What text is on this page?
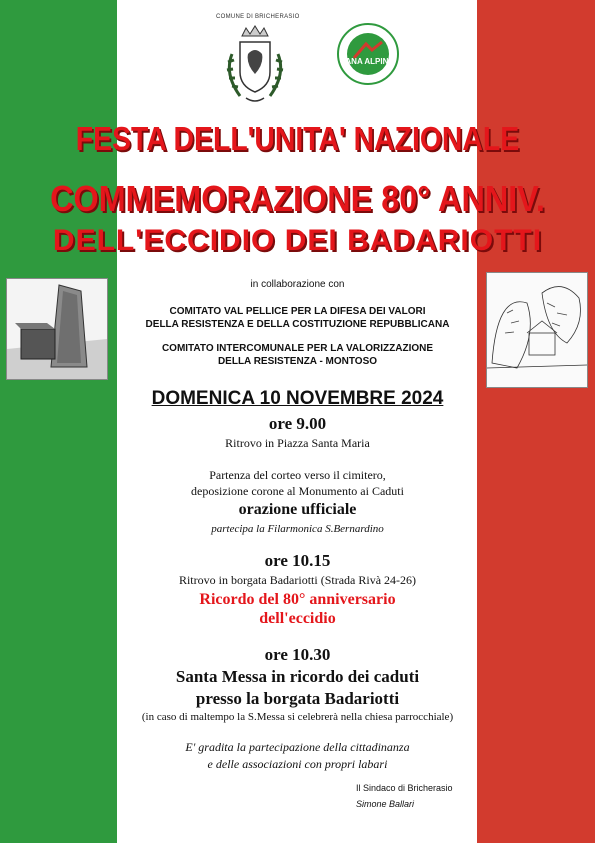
COMUNE DI BRICHERASIO
ANA ALPINI
FESTA DELL'UNITA' NAZIONALE
COMMEMORAZIONE 80° ANNIV.
DELL'ECCIDIO DEI BADARIOTTI
in collaborazione con
COMITATO VAL PELLICE PER LA DIFESA DEI VALORI
DELLA RESISTENZA E DELLA COSTITUZIONE REPUBBLICANA
COMITATO INTERCOMUNALE PER LA VALORIZZAZIONE
DELLA RESISTENZA - MONTOSO
DOMENICA 10 NOVEMBRE 2024
ore 9.00
Ritrovo in Piazza Santa Maria
Partenza del corteo verso il cimitero,
deposizione corone al Monumento ai Caduti
orazione ufficiale
partecipa la Filarmonica S.Bernardino
ore 10.15
Ritrovo in borgata Badariotti (Strada Rivà 24-26)
Ricordo del 80° anniversario
dell'eccidio
ore 10.30
Santa Messa in ricordo dei caduti
presso la borgata Badariotti
(in caso di maltempo la S.Messa si celebrerà nella chiesa parrocchiale)
E' gradita la partecipazione della cittadinanza
e delle associazioni con propri labari
Il Sindaco di Bricherasio
Simone Ballari
